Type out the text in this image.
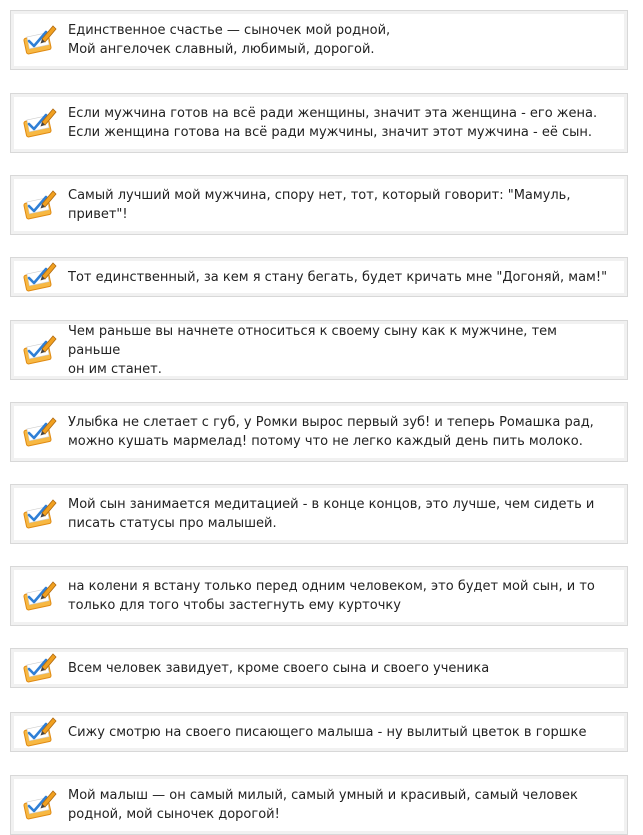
Единственное счастье — сыночек мой родной,
Мой ангелочек славный, любимый, дорогой.
Если мужчина готов на всё ради женщины, значит эта женщина - его жена.
Если женщина готова на всё ради мужчины, значит этот мужчина - её сын.
Самый лучший мой мужчина, спору нет, тот, который говорит: "Мамуль,
привет"!
Тот единственный, за кем я стану бегать, будет кричать мне "Догоняй, мам!"
Чем раньше вы начнете относиться к своему сыну как к мужчине, тем раньше
он им станет.
Улыбка не слетает с губ, у Ромки вырос первый зуб! и теперь Ромашка рад,
можно кушать мармелад! потому что не легко каждый день пить молоко.
Мой сын занимается медитацией - в конце концов, это лучше, чем сидеть и
писать статусы про малышей.
на колени я встану только перед одним человеком, это будет мой сын, и то
только для того чтобы застегнуть ему курточку
Всем человек завидует, кроме своего сына и своего ученика
Сижу смотрю на своего писающего малыша - ну вылитый цветок в горшке
Мой малыш — он самый милый, самый умный и красивый, самый человек
родной, мой сыночек дорогой!
